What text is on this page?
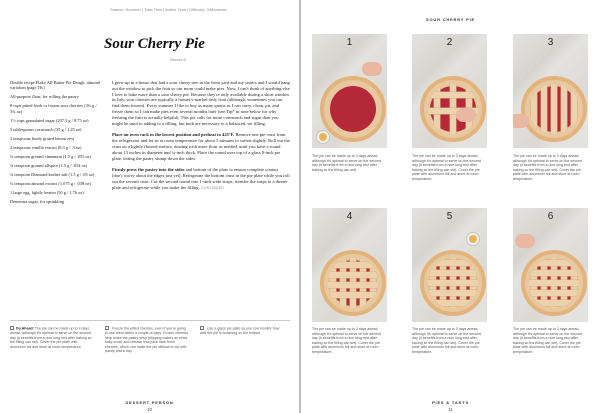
Season: Summer | Total Time | Active Time | Difficulty: 3/Moderate
Sour Cherry Pie
Serves 8

Double recipe Flaky All-Butter Pie Dough, almond variation (page TK)

All-purpose flour, for rolling the pastry

8 cups pitted fresh or frozen sour cherries (3¾ g / 3¾ oz)

1½ cups granulated sugar (207.5 g / 8.75 oz)

5 tablespoons cornstarch (35 g / 1.25 oz)

2 teaspoons finely grated lemon zest

2 teaspoons vanilla extract (8.3 g / .3 oz)

¾ teaspoon ground cinnamon (1.5 g / .055 oz)

¾ teaspoon ground allspice (1.5 g / .054 oz)

¾ teaspoon Diamond kosher salt (1.5 g / .05 oz)

¾ teaspoon almond extract (1.075 g / .038 oz)

1 large egg, lightly beaten (50 g / 1.76 oz)

Demerara sugar, for sprinkling

I grew up in a house that had a sour cherry tree in the front yard and my sisters and I would hang out the window to pick the fruit so our mom could make pies. Now, I can't think of anything else I love to bake more than a sour cherry pie. Because they're only available during a short window in July, sour cherries are typically a farmer's-market-only fruit (although, sometimes you can find them frozen). Every summer I like to buy as many quarts as I can carry, clean, pit, and freeze them so I can make pies even several months later (see Tip* in note below for why freezing the fruit is actually helpful). This pie calls for more cornstarch and sugar than you might be used to adding to a filling, but both are necessary to a balanced, set filling.

Place an oven rack in the lowest position and preheat to 425°F. Remove one pie crust from the refrigerator and let sit at room temperature for about 5 minutes to soften slightly. Roll out the crust on a lightly floured surface, dusting with more flour as needed, until you have a round about 13 inches in diameter and ¼-inch thick. Place the round over top of a glass 9-inch pie plate, letting the pastry slump down the sides.

Firmly press the pastry into the sides and bottom of the plate to ensure complete contact (don't worry about the edges just yet). Refrigerate the bottom crust in the pie plate while you roll out the second crust. Cut the second round into 1-inch wide strips, transfer the strips to a dinner plate and refrigerate while you make the filling. CONTINUED

Do Ahead: The pie can be made up to 3 days ahead, although it's optimal to serve on the second day (it benefits from a nice long rest after baking so the filling can set). Cover the pie plate with aluminum foil and store at room temperature.
Freeze the pitted cherries, even if you're going to use them within a couple of days. Frozen cherries help make the pastry crisp (blipping makes an extra flaky crust) and release less juice than fresh cherries, which can make the pie difficult to cut with pastry and a tray.
Use a glass pie plate so you can monitor how well the pie is browning on the bottom.
DESSERT PERSON
10
SOUR CHERRY PIE
1	2	3
The pie can be made up to 3 days ahead, although it's optimal to serve on the second day (it benefits from a nice long rest after baking so the filling can set).
The pie can be made up to 3 days ahead, although it's optimal to serve on the second day (it benefits from a nice long rest after baking so the filling can set). Cover the pie plate with aluminum foil and store at room temperature.
The pie can be made up to 3 days ahead, although it's optimal to serve on the second day (it benefits from a nice long rest after baking so the filling can set). Cover the pie plate with aluminum foil and store at room temperature.
4	5	6
The pie can be made up to 3 days ahead, although it's optimal to serve on the second day (it benefits from a nice long rest after baking so the filling can set). Cover the pie plate with aluminum foil and store at room temperature.
The pie can be made up to 3 days ahead, although it's optimal to serve on the second day (it benefits from a nice long rest after baking so the filling can set). Cover the pie plate with aluminum foil and store at room temperature.
The pie can be made up to 3 days ahead, although it's optimal to serve on the second day (it benefits from a nice long rest after baking so the filling can set). Cover the pie plate with aluminum foil and store at room temperature.
PIES & TARTS
11
